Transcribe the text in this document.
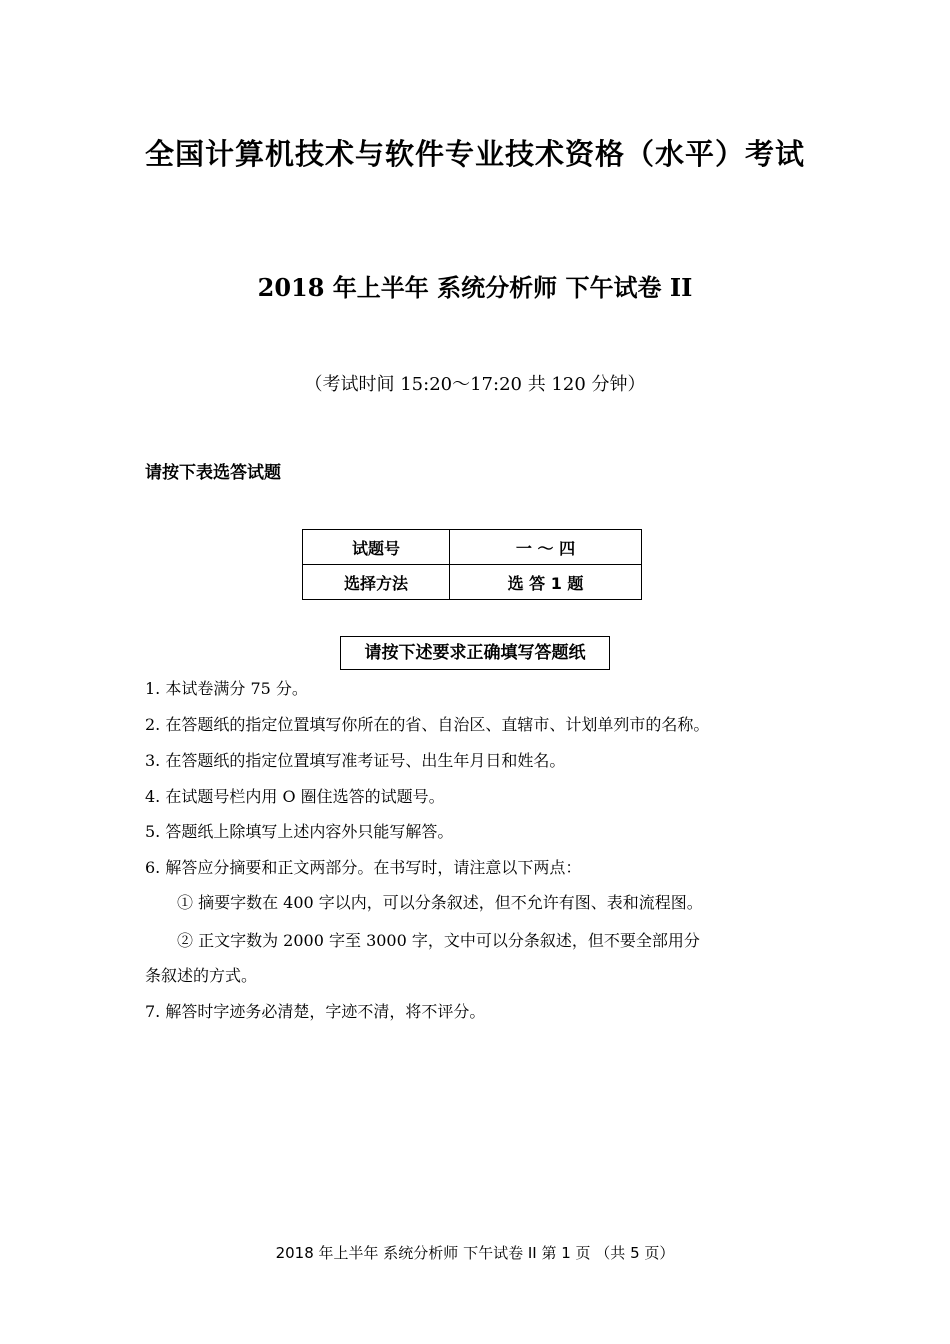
全国计算机技术与软件专业技术资格（水平）考试
2018 年上半年 系统分析师 下午试卷 II
（考试时间 15:20～17:20 共 120 分钟）
请按下表选答试题
试题号	一 ～ 四
选择方法	选 答 1 题
请按下述要求正确填写答题纸
1. 本试卷满分 75 分。
2. 在答题纸的指定位置填写你所在的省、自治区、直辖市、计划单列市的名称。
3. 在答题纸的指定位置填写准考证号、出生年月日和姓名。
4. 在试题号栏内用 O 圈住选答的试题号。
5. 答题纸上除填写上述内容外只能写解答。
6. 解答应分摘要和正文两部分。在书写时，请注意以下两点：
① 摘要字数在 400 字以内，可以分条叙述，但不允许有图、表和流程图。
② 正文字数为 2000 字至 3000 字，文中可以分条叙述，但不要全部用分
条叙述的方式。
7. 解答时字迹务必清楚，字迹不清，将不评分。
2018 年上半年 系统分析师 下午试卷 II 第 1 页 （共 5 页）
